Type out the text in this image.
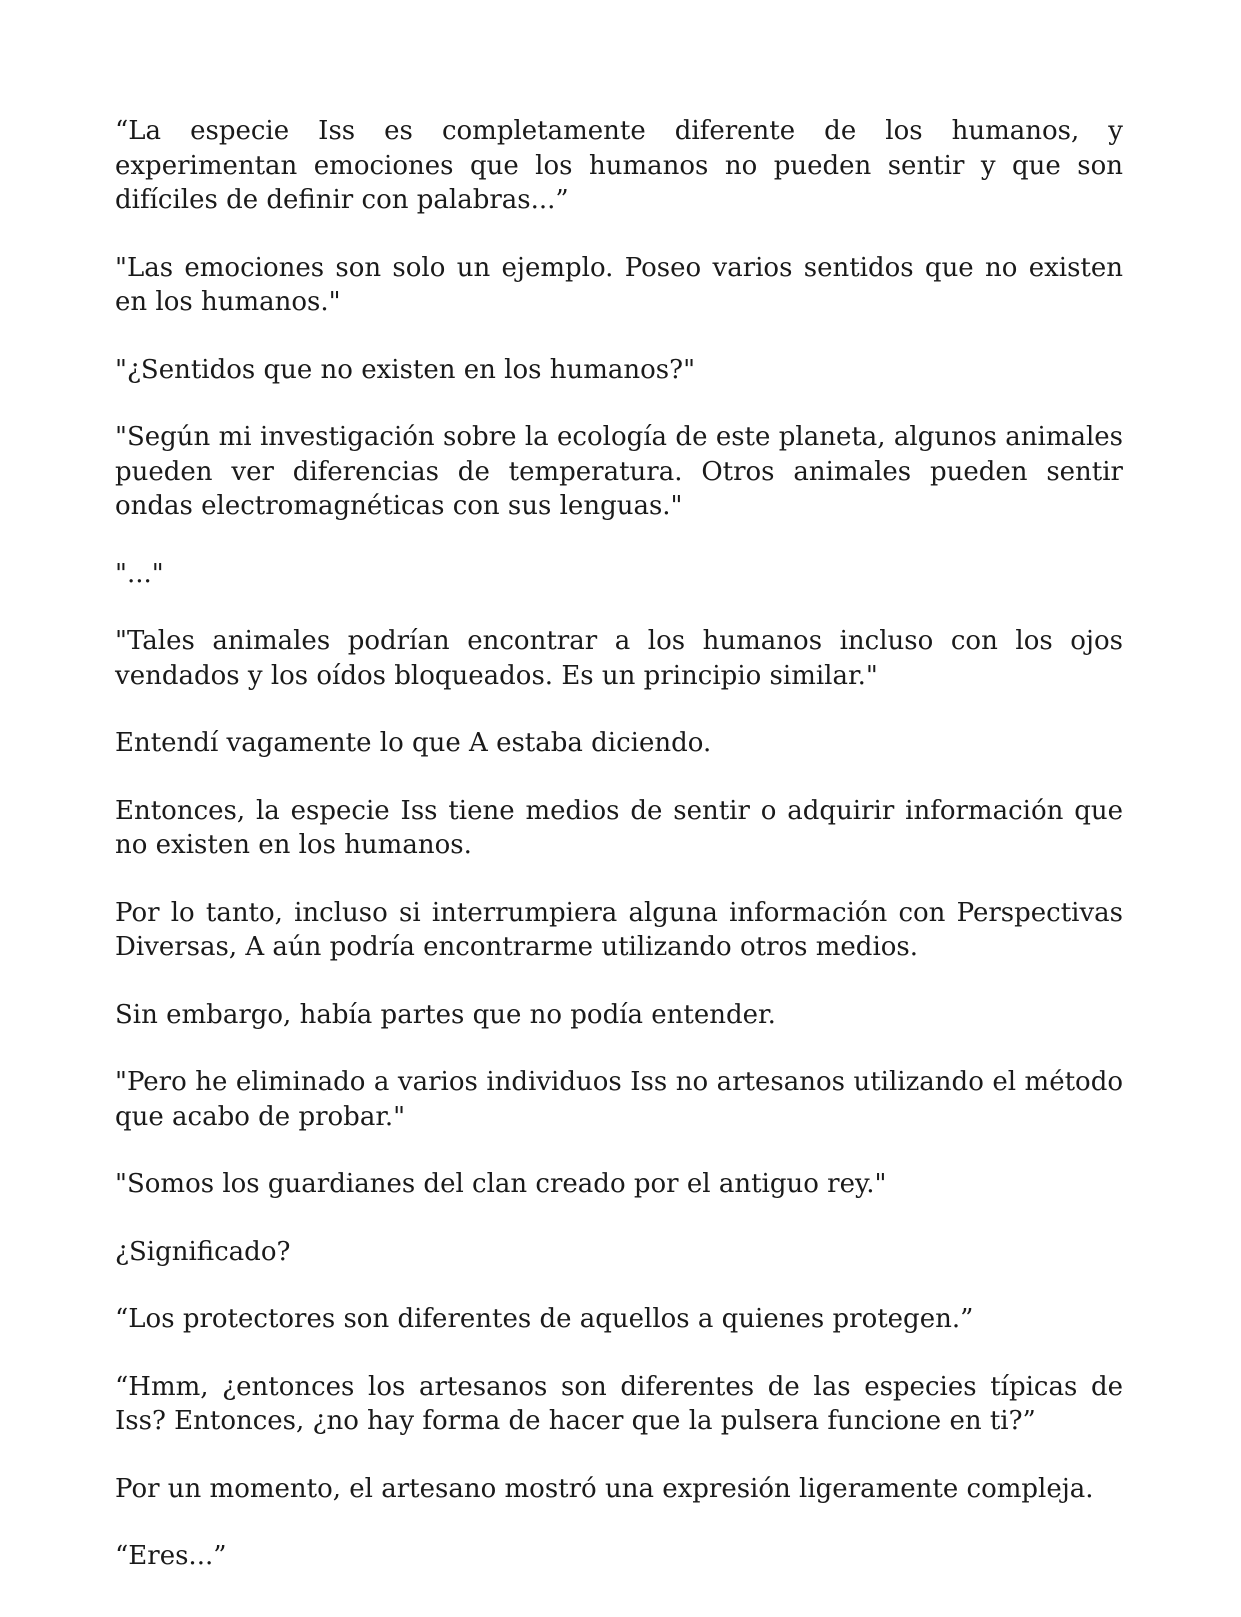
“La especie Iss es completamente diferente de los humanos, y experimentan emociones que los humanos no pueden sentir y que son difíciles de definir con palabras...”

"Las emociones son solo un ejemplo. Poseo varios sentidos que no existen en los humanos."

"¿Sentidos que no existen en los humanos?"

"Según mi investigación sobre la ecología de este planeta, algunos animales pueden ver diferencias de temperatura. Otros animales pueden sentir ondas electromagnéticas con sus lenguas."

"..."

"Tales animales podrían encontrar a los humanos incluso con los ojos vendados y los oídos bloqueados. Es un principio similar."

Entendí vagamente lo que A estaba diciendo.

Entonces, la especie Iss tiene medios de sentir o adquirir información que no existen en los humanos.

Por lo tanto, incluso si interrumpiera alguna información con Perspectivas Diversas, A aún podría encontrarme utilizando otros medios.

Sin embargo, había partes que no podía entender.

"Pero he eliminado a varios individuos Iss no artesanos utilizando el método que acabo de probar."

"Somos los guardianes del clan creado por el antiguo rey."

¿Significado?

“Los protectores son diferentes de aquellos a quienes protegen.”

“Hmm, ¿entonces los artesanos son diferentes de las especies típicas de Iss? Entonces, ¿no hay forma de hacer que la pulsera funcione en ti?”

Por un momento, el artesano mostró una expresión ligeramente compleja.

“Eres...”
